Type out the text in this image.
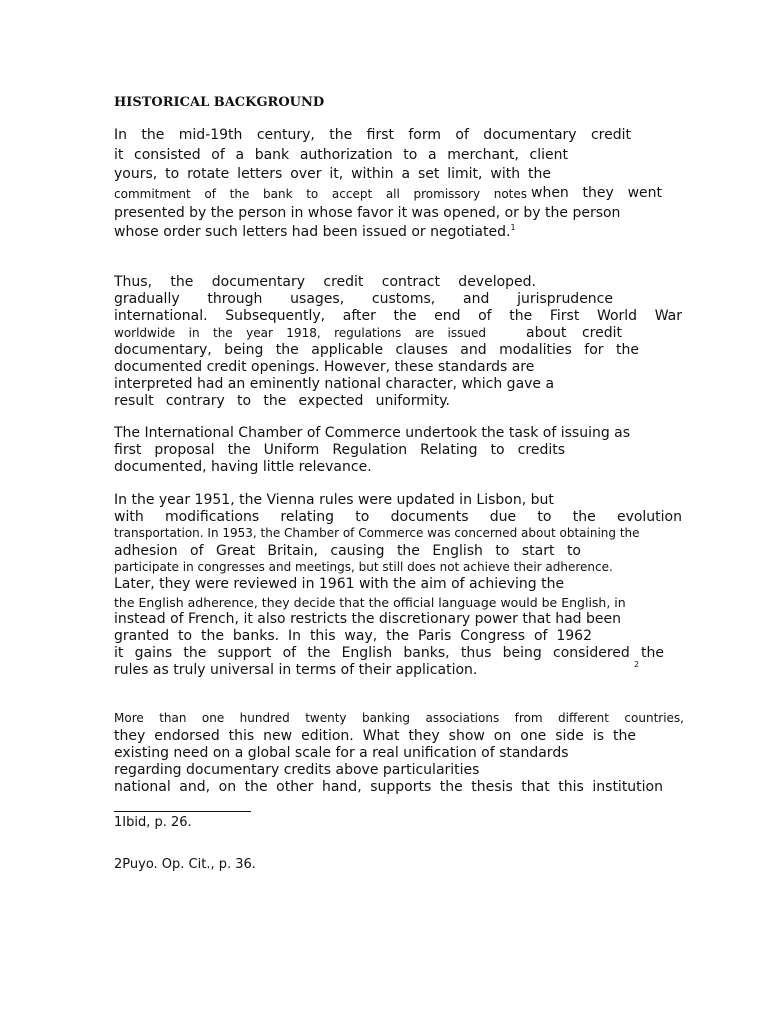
HISTORICAL BACKGROUND
In the mid-19th century, the first form of documentary credit
it consisted of a bank authorization to a merchant, client
yours, to rotate letters over it, within a set limit, with the
commitment of the bank to accept all promissory notes when they went
presented by the person in whose favor it was opened, or by the person
whose order such letters had been issued or negotiated.$^1$
Thus, the documentary credit contract developed.
gradually through usages, customs, and jurisprudence
international. Subsequently, after the end of the First World War
worldwide in the year 1918, regulations are issued	about credit
documentary, being the applicable clauses and modalities for the
documented credit openings. However, these standards are
interpreted had an eminently national character, which gave a
result contrary to the expected uniformity.
The International Chamber of Commerce undertook the task of issuing as
first proposal the Uniform Regulation Relating to credits
documented, having little relevance.
In the year 1951, the Vienna rules were updated in Lisbon, but
with modifications relating to documents due to the evolution
transportation. In 1953, the Chamber of Commerce was concerned about obtaining the
adhesion of Great Britain, causing the English to start to
participate in congresses and meetings, but still does not achieve their adherence.
Later, they were reviewed in 1961 with the aim of achieving the
the English adherence, they decide that the official language would be English, in
instead of French, it also restricts the discretionary power that had been
granted to the banks. In this way, the Paris Congress of 1962
it gains the support of the English banks, thus being considered the
rules as truly universal in terms of their application.	2
More than one hundred twenty banking associations from different countries,
they endorsed this new edition. What they show on one side is the
existing need on a global scale for a real unification of standards
regarding documentary credits above particularities
national and, on the other hand, supports the thesis that this institution
1Ibid, p. 26.
2Puyo. Op. Cit., p. 36.
